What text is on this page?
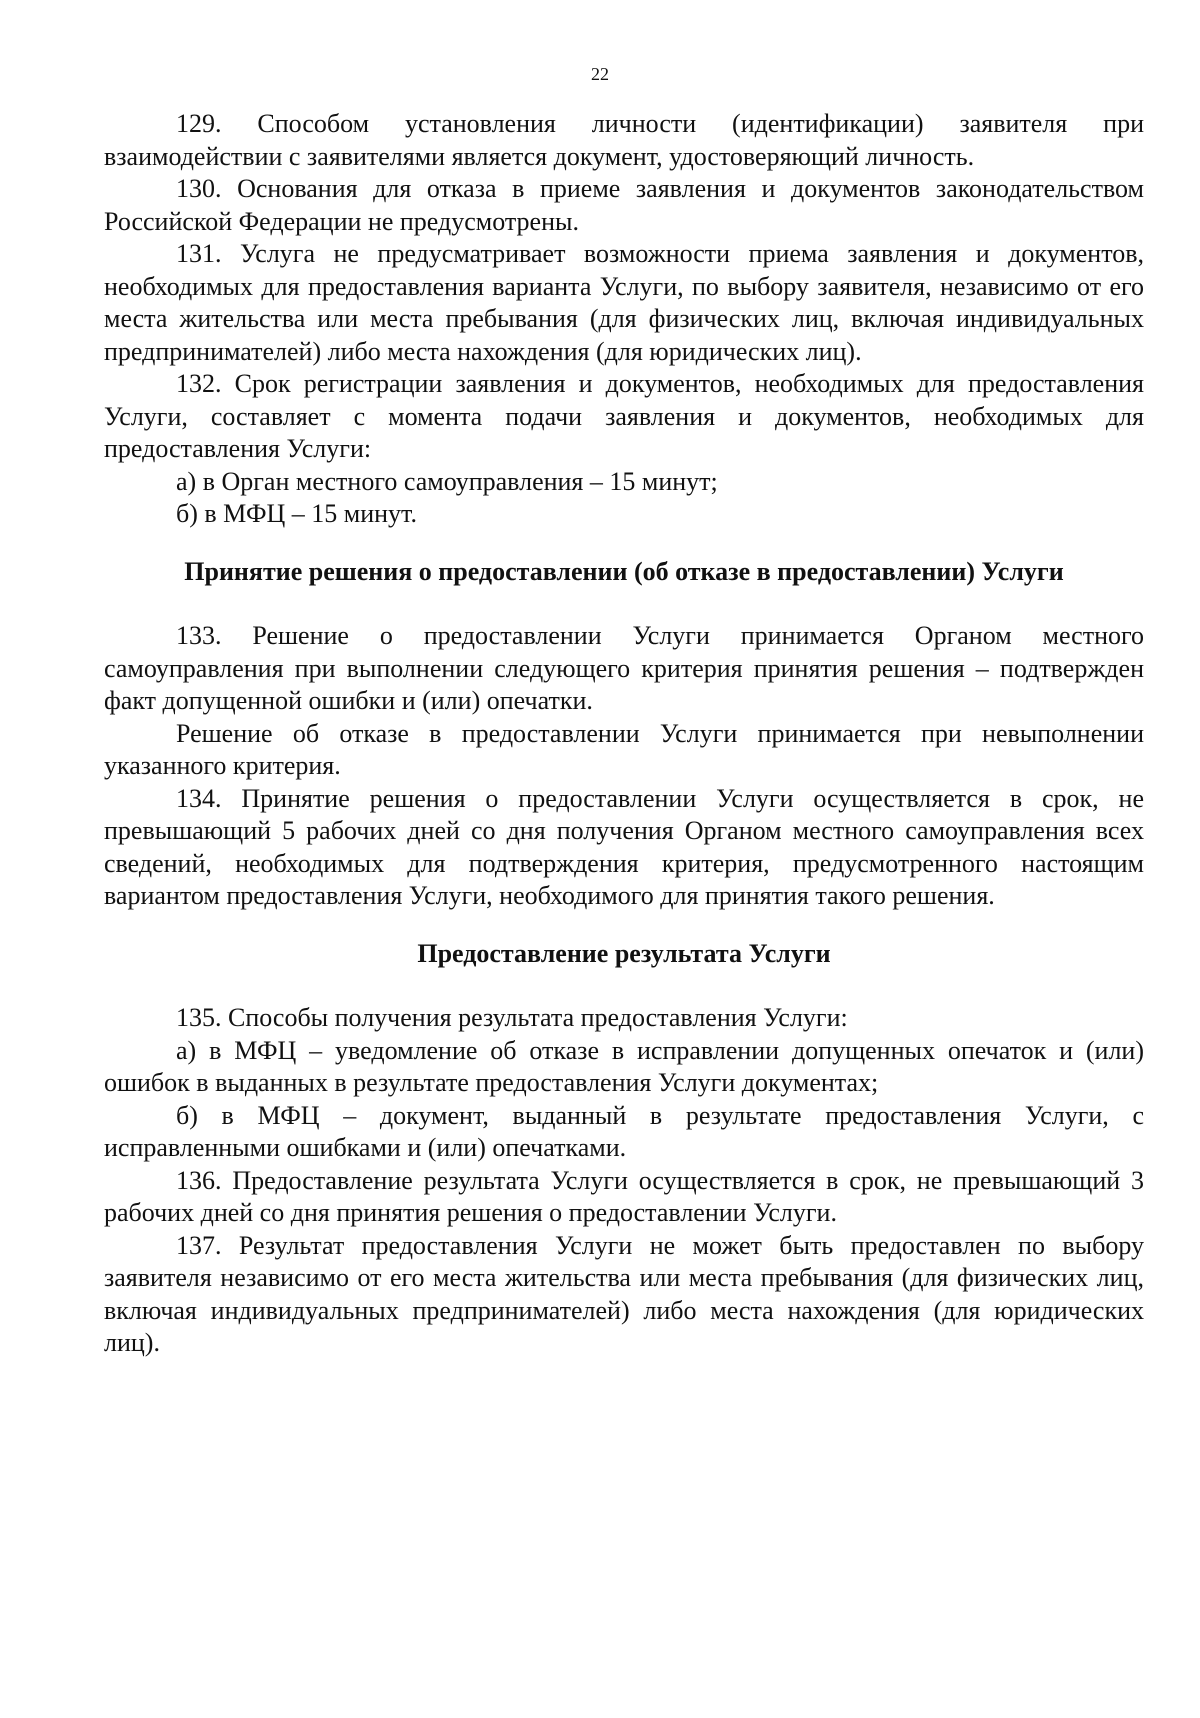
22

129. Способом установления личности (идентификации) заявителя при взаимодействии с заявителями является документ, удостоверяющий личность.

130. Основания для отказа в приеме заявления и документов законодательством Российской Федерации не предусмотрены.

131. Услуга не предусматривает возможности приема заявления и документов, необходимых для предоставления варианта Услуги, по выбору заявителя, независимо от его места жительства или места пребывания (для физических лиц, включая индивидуальных предпринимателей) либо места нахождения (для юридических лиц).

132. Срок регистрации заявления и документов, необходимых для предоставления Услуги, составляет с момента подачи заявления и документов, необходимых для предоставления Услуги:

а) в Орган местного самоуправления – 15 минут;

б) в МФЦ – 15 минут.

Принятие решения о предоставлении (об отказе в предоставлении) Услуги

133. Решение о предоставлении Услуги принимается Органом местного самоуправления при выполнении следующего критерия принятия решения – подтвержден факт допущенной ошибки и (или) опечатки.

Решение об отказе в предоставлении Услуги принимается при невыполнении указанного критерия.

134. Принятие решения о предоставлении Услуги осуществляется в срок, не превышающий 5 рабочих дней со дня получения Органом местного самоуправления всех сведений, необходимых для подтверждения критерия, предусмотренного настоящим вариантом предоставления Услуги, необходимого для принятия такого решения.

Предоставление результата Услуги

135. Способы получения результата предоставления Услуги:

а) в МФЦ – уведомление об отказе в исправлении допущенных опечаток и (или) ошибок в выданных в результате предоставления Услуги документах;

б) в МФЦ – документ, выданный в результате предоставления Услуги, с исправленными ошибками и (или) опечатками.

136. Предоставление результата Услуги осуществляется в срок, не превышающий 3 рабочих дней со дня принятия решения о предоставлении Услуги.

137. Результат предоставления Услуги не может быть предоставлен по выбору заявителя независимо от его места жительства или места пребывания (для физических лиц, включая индивидуальных предпринимателей) либо места нахождения (для юридических лиц).
